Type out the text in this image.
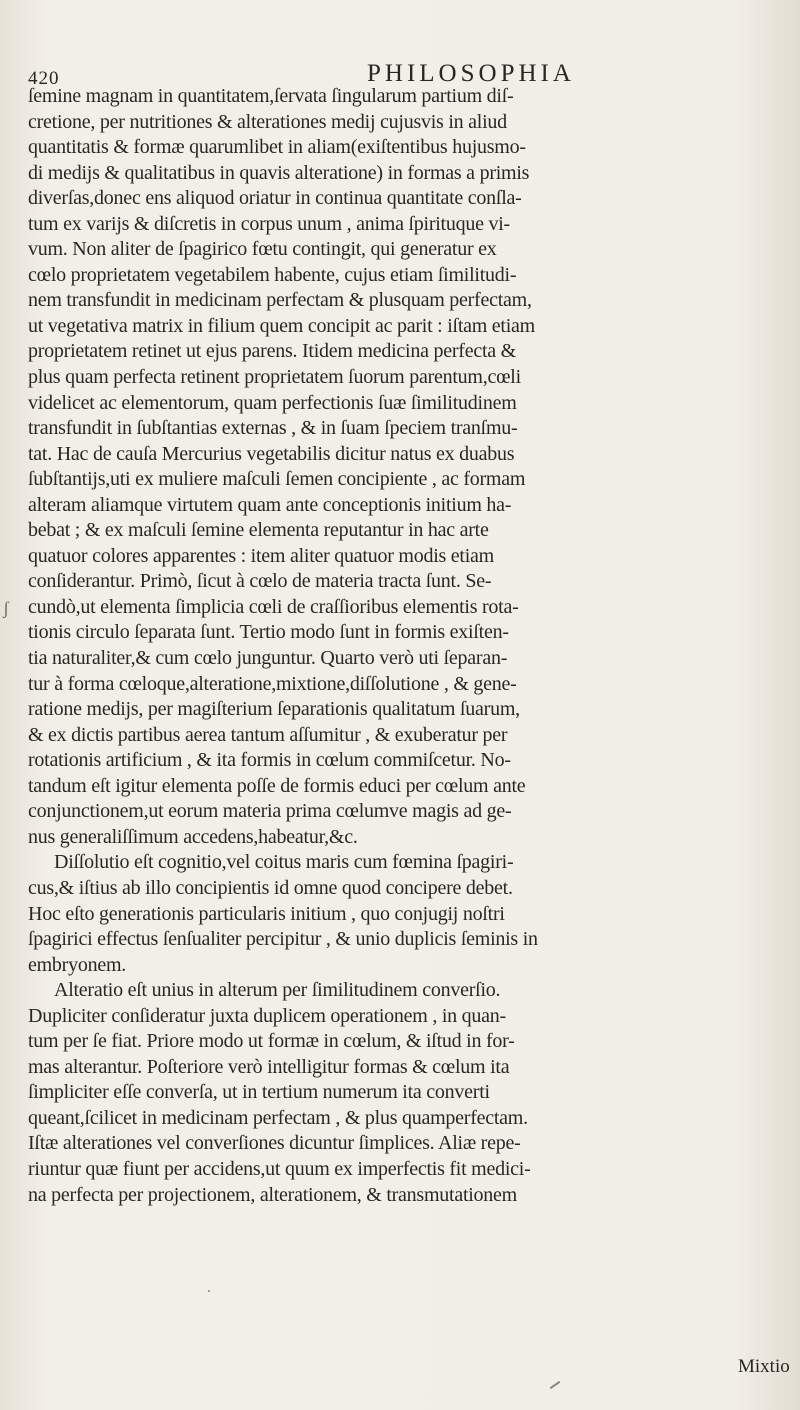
420	PHILOSOPHIA
ſemine magnam in quantitatem,ſervata ſingularum partium diſ-
cretione, per nutritiones & alterationes medij cujusvis in aliud
quantitatis & formæ quarumlibet in aliam(exiſtentibus hujusmo-
di medijs & qualitatibus in quavis alteratione) in formas a primis
diverſas,donec ens aliquod oriatur in continua quantitate conſla-
tum ex varijs & diſcretis in corpus unum , anima ſpirituque vi-
vum. Non aliter de ſpagirico fœtu contingit, qui generatur ex
cœlo proprietatem vegetabilem habente, cujus etiam ſimilitudi-
nem transfundit in medicinam perfectam & plusquam perfectam,
ut vegetativa matrix in filium quem concipit ac parit : iſtam etiam
proprietatem retinet ut ejus parens. Itidem medicina perfecta &
plus quam perfecta retinent proprietatem ſuorum parentum,cœli
videlicet ac elementorum, quam perfectionis ſuæ ſimilitudinem
transfundit in ſubſtantias externas , & in ſuam ſpeciem tranſmu-
tat. Hac de cauſa Mercurius vegetabilis dicitur natus ex duabus
ſubſtantijs,uti ex muliere maſculi ſemen concipiente , ac formam
alteram aliamque virtutem quam ante conceptionis initium ha-
bebat ; & ex maſculi ſemine elementa reputantur in hac arte
quatuor colores apparentes : item aliter quatuor modis etiam
conſiderantur. Primò, ſicut à cœlo de materia tracta ſunt. Se-
cundò,ut elementa ſimplicia cœli de craſſioribus elementis rota-
tionis circulo ſeparata ſunt. Tertio modo ſunt in formis exiſten-
tia naturaliter,& cum cœlo junguntur. Quarto verò uti ſeparan-
tur à forma cœloque,alteratione,mixtione,diſſolutione , & gene-
ratione medijs, per magiſterium ſeparationis qualitatum ſuarum,
& ex dictis partibus aerea tantum aſſumitur , & exuberatur per
rotationis artificium , & ita formis in cœlum commiſcetur. No-
tandum eſt igitur elementa poſſe de formis educi per cœlum ante
conjunctionem,ut eorum materia prima cœlumve magis ad ge-
nus generaliſſimum accedens,habeatur,&c.
Diſſolutio eſt cognitio,vel coitus maris cum fœmina ſpagiri-
cus,& iſtius ab illo concipientis id omne quod concipere debet.
Hoc eſto generationis particularis initium , quo conjugij noſtri
ſpagirici effectus ſenſualiter percipitur , & unio duplicis ſeminis in
embryonem.
Alteratio eſt unius in alterum per ſimilitudinem converſio.
Dupliciter conſideratur juxta duplicem operationem , in quan-
tum per ſe fiat. Priore modo ut formæ in cœlum, & iſtud in for-
mas alterantur. Poſteriore verò intelligitur formas & cœlum ita
ſimpliciter eſſe converſa, ut in tertium numerum ita converti
queant,ſcilicet in medicinam perfectam , & plus quamperfectam.
Iſtæ alterationes vel converſiones dicuntur ſimplices. Aliæ repe-
riuntur quæ fiunt per accidens,ut quum ex imperfectis fit medici-
na perfecta per projectionem, alterationem, & transmutationem
Mixtio
ʃ
